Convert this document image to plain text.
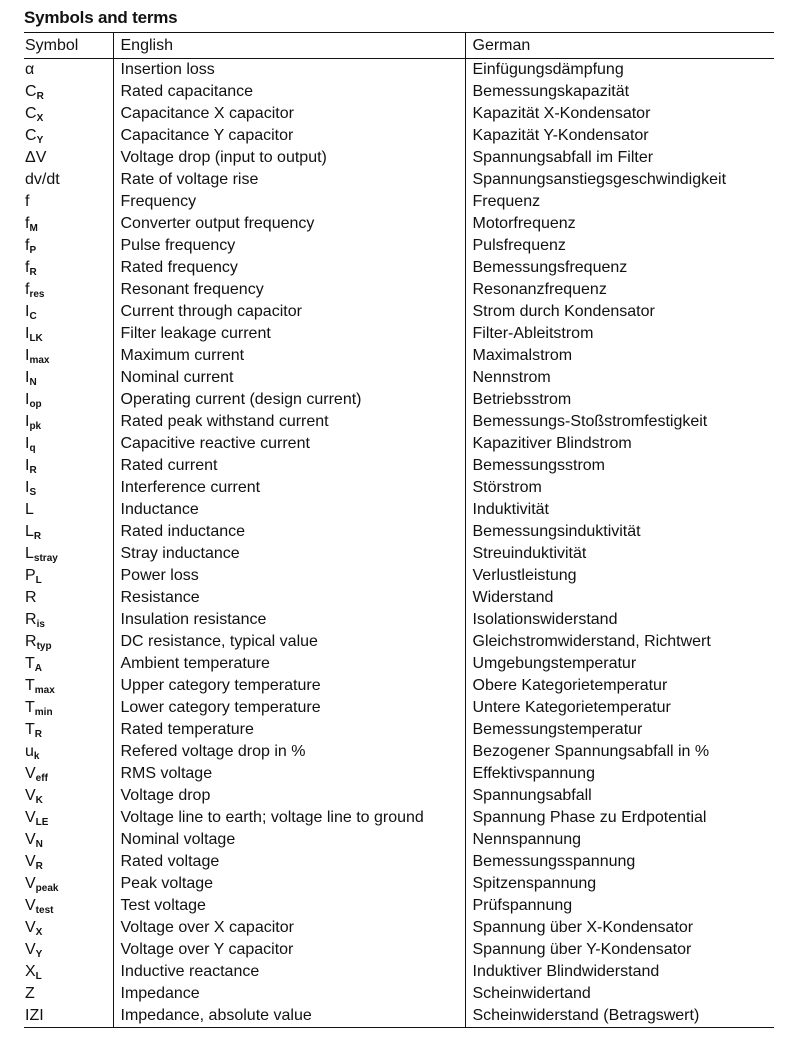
Symbols and terms
Symbol	English	German
α	Insertion loss	Einfügungsdämpfung
$C_R$	Rated capacitance	Bemessungskapazität
$C_X$	Capacitance X capacitor	Kapazität X-Kondensator
$C_Y$	Capacitance Y capacitor	Kapazität Y-Kondensator
ΔV	Voltage drop (input to output)	Spannungsabfall im Filter
dv/dt	Rate of voltage rise	Spannungsanstiegsgeschwindigkeit
f	Frequency	Frequenz
$f_M$	Converter output frequency	Motorfrequenz
$f_P$	Pulse frequency	Pulsfrequenz
$f_R$	Rated frequency	Bemessungsfrequenz
$f_{res}$	Resonant frequency	Resonanzfrequenz
$I_C$	Current through capacitor	Strom durch Kondensator
$I_{LK}$	Filter leakage current	Filter-Ableitstrom
$I_{max}$	Maximum current	Maximalstrom
$I_N$	Nominal current	Nennstrom
$I_{op}$	Operating current (design current)	Betriebsstrom
$I_{pk}$	Rated peak withstand current	Bemessungs-Stoßstromfestigkeit
$I_q$	Capacitive reactive current	Kapazitiver Blindstrom
$I_R$	Rated current	Bemessungsstrom
$I_S$	Interference current	Störstrom
L	Inductance	Induktivität
$L_R$	Rated inductance	Bemessungsinduktivität
$L_{stray}$	Stray inductance	Streuinduktivität
$P_L$	Power loss	Verlustleistung
R	Resistance	Widerstand
$R_{is}$	Insulation resistance	Isolationswiderstand
$R_{typ}$	DC resistance, typical value	Gleichstromwiderstand, Richtwert
$T_A$	Ambient temperature	Umgebungstemperatur
$T_{max}$	Upper category temperature	Obere Kategorietemperatur
$T_{min}$	Lower category temperature	Untere Kategorietemperatur
$T_R$	Rated temperature	Bemessungstemperatur
$u_k$	Refered voltage drop in %	Bezogener Spannungsabfall in %
$V_{eff}$	RMS voltage	Effektivspannung
$V_K$	Voltage drop	Spannungsabfall
$V_{LE}$	Voltage line to earth; voltage line to ground	Spannung Phase zu Erdpotential
$V_N$	Nominal voltage	Nennspannung
$V_R$	Rated voltage	Bemessungsspannung
$V_{peak}$	Peak voltage	Spitzenspannung
$V_{test}$	Test voltage	Prüfspannung
$V_X$	Voltage over X capacitor	Spannung über X-Kondensator
$V_Y$	Voltage over Y capacitor	Spannung über Y-Kondensator
$X_L$	Inductive reactance	Induktiver Blindwiderstand
Z	Impedance	Scheinwidertand
IZI	Impedance, absolute value	Scheinwiderstand (Betragswert)
